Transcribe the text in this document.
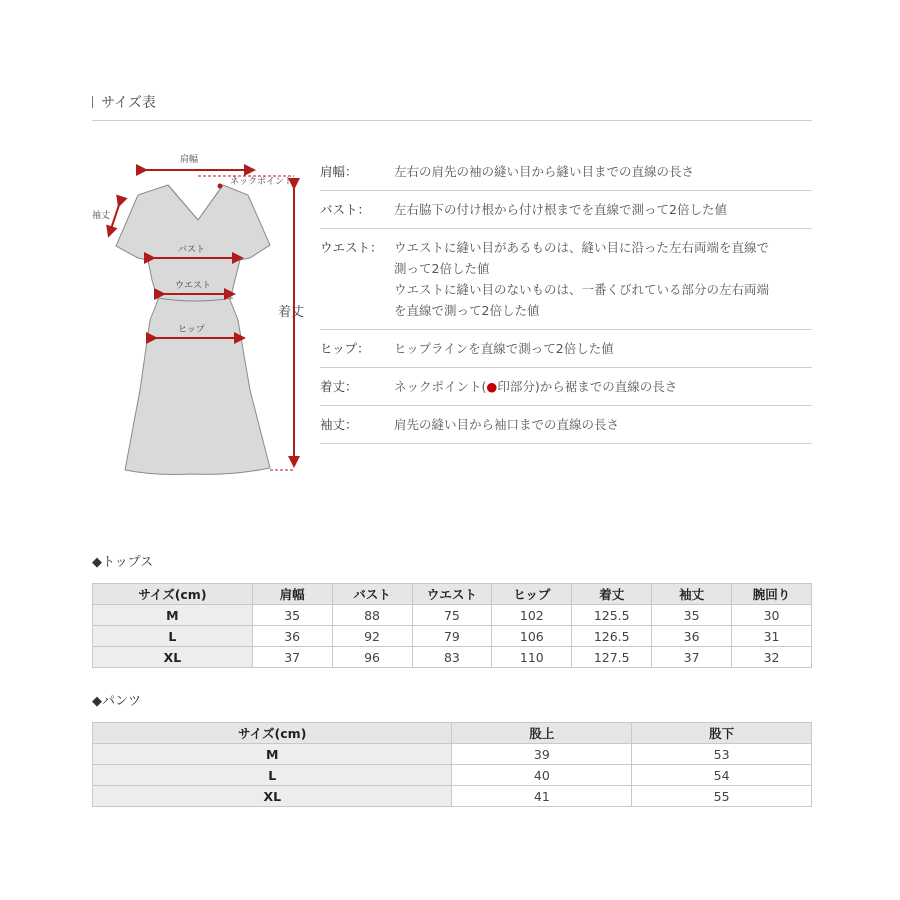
サイズ表
肩幅
ネックポイント
袖丈
バスト
ウエスト
ヒップ
着丈
肩幅：	左右の肩先の袖の縫い目から縫い目までの直線の長さ
バスト：	左右脇下の付け根から付け根までを直線で測って2倍した値
ウエスト： ウエストに縫い目があるものは、縫い目に沿った左右両端を直線で
測って2倍した値
ウエストに縫い目のないものは、一番くびれている部分の左右両端
を直線で測って2倍した値
ヒップ：	ヒップラインを直線で測って2倍した値
着丈：	ネックポイント(●印部分)から裾までの直線の長さ
袖丈：	肩先の縫い目から袖口までの直線の長さ
◆トップス
サイズ(cm)	肩幅	バスト	ウエスト	ヒップ	着丈	袖丈	腕回り
M	35	88	75	102	125.5	35	30
L	36	92	79	106	126.5	36	31
XL	37	96	83	110	127.5	37	32
◆パンツ
サイズ(cm)	股上	股下
M	39	53
L	40	54
XL	41	55
